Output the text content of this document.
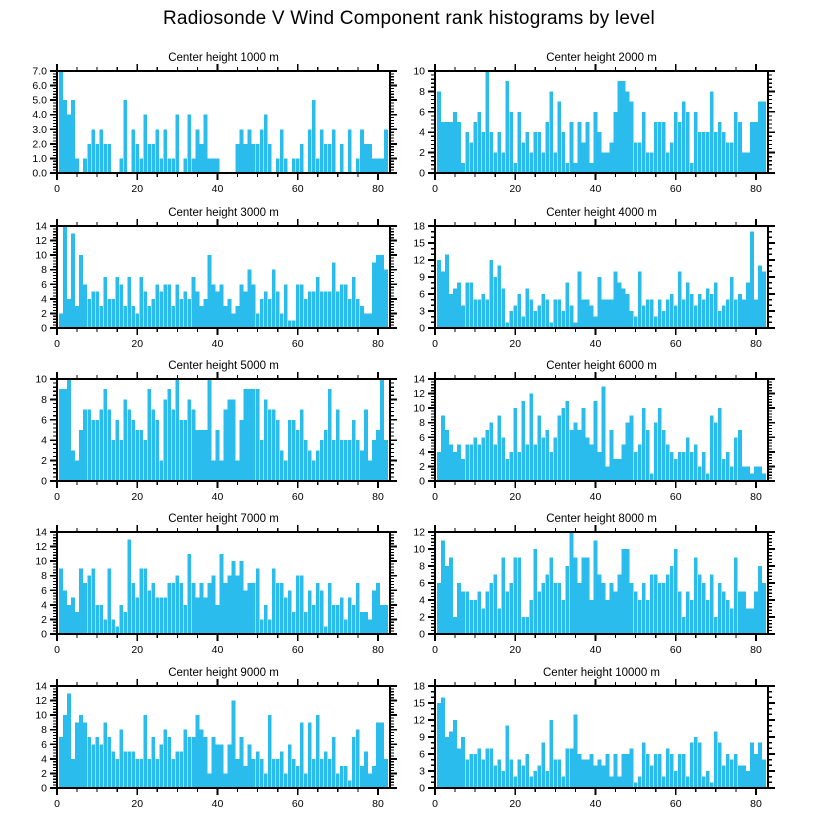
Radiosonde V Wind Component rank histograms by level
Center height 1000 m
0	20	40	60	80
0.0
1.0
2.0
3.0
4.0
5.0
6.0
7.0
Center height 2000 m
0	20	40	60	80
0
2
4
6
8
10
Center height 3000 m
0	20	40	60	80
0
2
4
6
8
10
12
14
Center height 4000 m
0	20	40	60	80
0
3
6
9
12
15
18
Center height 5000 m
0	20	40	60	80
0
2
4
6
8
10
Center height 6000 m
0	20	40	60	80
0
2
4
6
8
10
12
14
Center height 7000 m
0	20	40	60	80
0
2
4
6
8
10
12
14
Center height 8000 m
0	20	40	60	80
0
2
4
6
8
10
12
Center height 9000 m
0	20	40	60	80
0
2
4
6
8
10
12
14
Center height 10000 m
0	20	40	60	80
0
3
6
9
12
15
18
